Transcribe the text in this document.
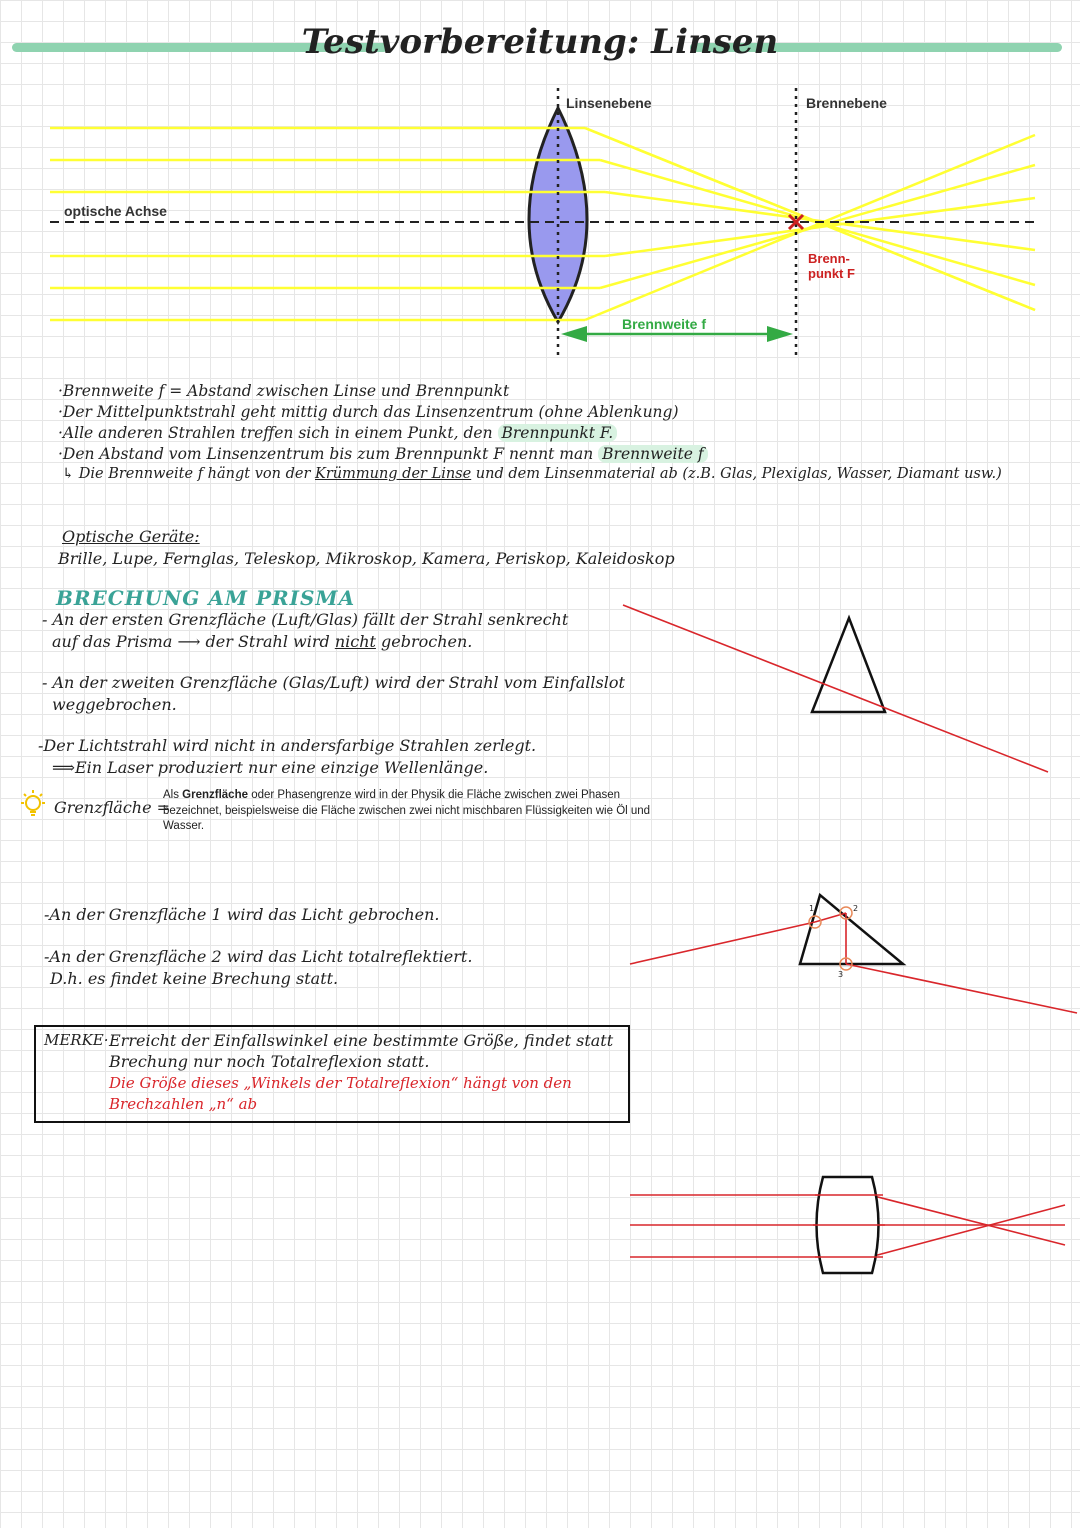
Testvorbereitung: Linsen
Linsenebene	Brennebene
optische Achse
Brenn-
punkt F
Brennweite f
·Brennweite f = Abstand zwischen Linse und Brennpunkt
·Der Mittelpunktstrahl geht mittig durch das Linsenzentrum (ohne Ablenkung)
·Alle anderen Strahlen treffen sich in einem Punkt, den Brennpunkt F.
·Den Abstand vom Linsenzentrum bis zum Brennpunkt F nennt man Brennweite f
↳ Die Brennweite f hängt von der Krümmung der Linse und dem Linsenmaterial ab (z.B. Glas, Plexiglas, Wasser, Diamant usw.)
Optische Geräte:
Brille, Lupe, Fernglas, Teleskop, Mikroskop, Kamera, Periskop, Kaleidoskop
BRECHUNG AM PRISMA
- An der ersten Grenzfläche (Luft/Glas) fällt der Strahl senkrecht
auf das Prisma ⟶ der Strahl wird nicht gebrochen.
- An der zweiten Grenzfläche (Glas/Luft) wird der Strahl vom Einfallslot
weggebrochen.
-Der Lichtstrahl wird nicht in andersfarbige Strahlen zerlegt.
⟹Ein Laser produziert nur eine einzige Wellenlänge.
Grenzfläche =
Als Grenzfläche oder Phasengrenze wird in der Physik die Fläche zwischen zwei Phasen
bezeichnet, beispielsweise die Fläche zwischen zwei nicht mischbaren Flüssigkeiten wie Öl und
Wasser.
-An der Grenzfläche 1 wird das Licht gebrochen.
-An der Grenzfläche 2 wird das Licht totalreflektiert.
D.h. es findet keine Brechung statt.
1	2
3
MERKE· Erreicht der Einfallswinkel eine bestimmte Größe, findet statt
Brechung nur noch Totalreflexion statt.
Die Größe dieses „Winkels der Totalreflexion“ hängt von den
Brechzahlen „n“ ab
